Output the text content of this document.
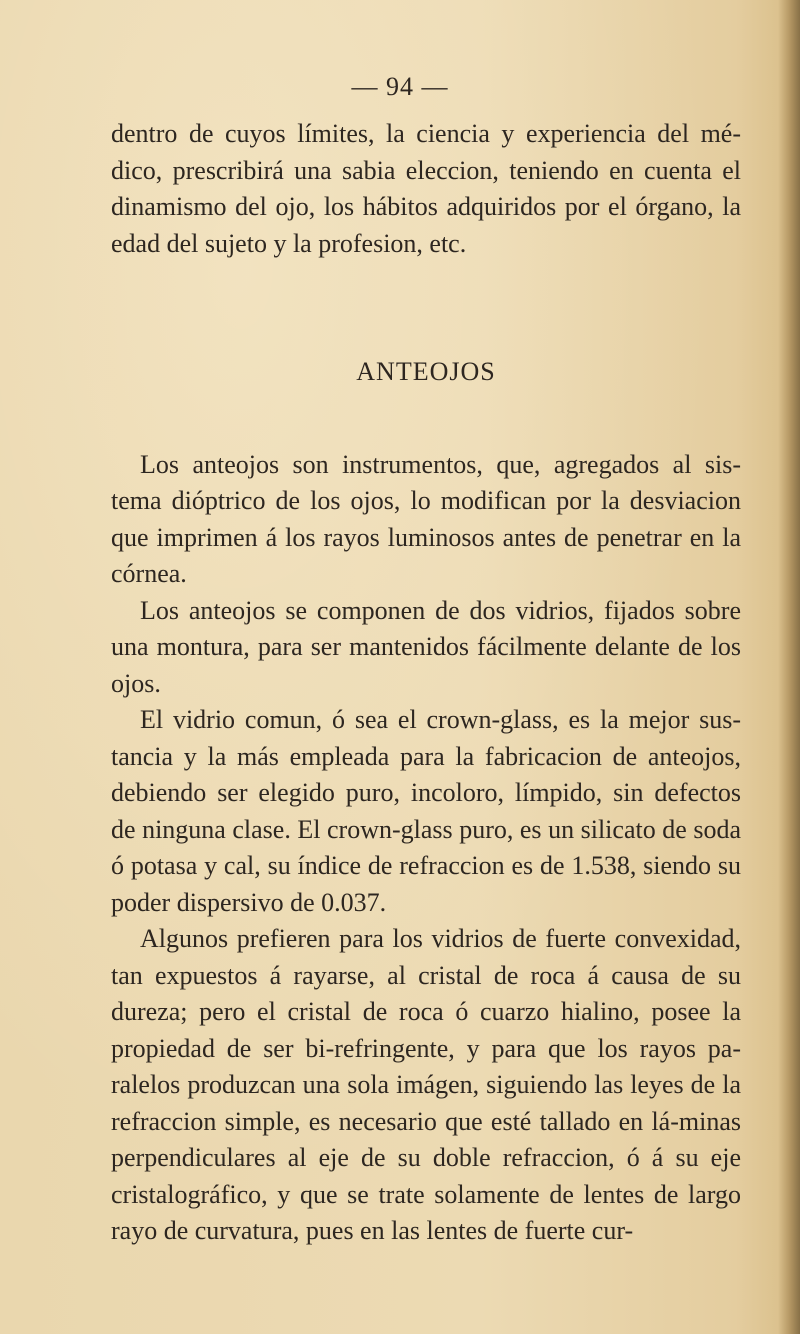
— 94 —

dentro de cuyos límites, la ciencia y experiencia del mé-dico, prescribirá una sabia eleccion, teniendo en cuenta el dinamismo del ojo, los hábitos adquiridos por el órgano, la edad del sujeto y la profesion, etc.

ANTEOJOS

Los anteojos son instrumentos, que, agregados al sis-tema dióptrico de los ojos, lo modifican por la desviacion que imprimen á los rayos luminosos antes de penetrar en la córnea.

Los anteojos se componen de dos vidrios, fijados sobre una montura, para ser mantenidos fácilmente delante de los ojos.

El vidrio comun, ó sea el crown-glass, es la mejor sus-tancia y la más empleada para la fabricacion de anteojos, debiendo ser elegido puro, incoloro, límpido, sin defectos de ninguna clase. El crown-glass puro, es un silicato de soda ó potasa y cal, su índice de refraccion es de 1.538, siendo su poder dispersivo de 0.037.

Algunos prefieren para los vidrios de fuerte convexidad, tan expuestos á rayarse, al cristal de roca á causa de su dureza; pero el cristal de roca ó cuarzo hialino, posee la propiedad de ser bi-refringente, y para que los rayos pa-ralelos produzcan una sola imágen, siguiendo las leyes de la refraccion simple, es necesario que esté tallado en lá-minas perpendiculares al eje de su doble refraccion, ó á su eje cristalográfico, y que se trate solamente de lentes de largo rayo de curvatura, pues en las lentes de fuerte cur-
